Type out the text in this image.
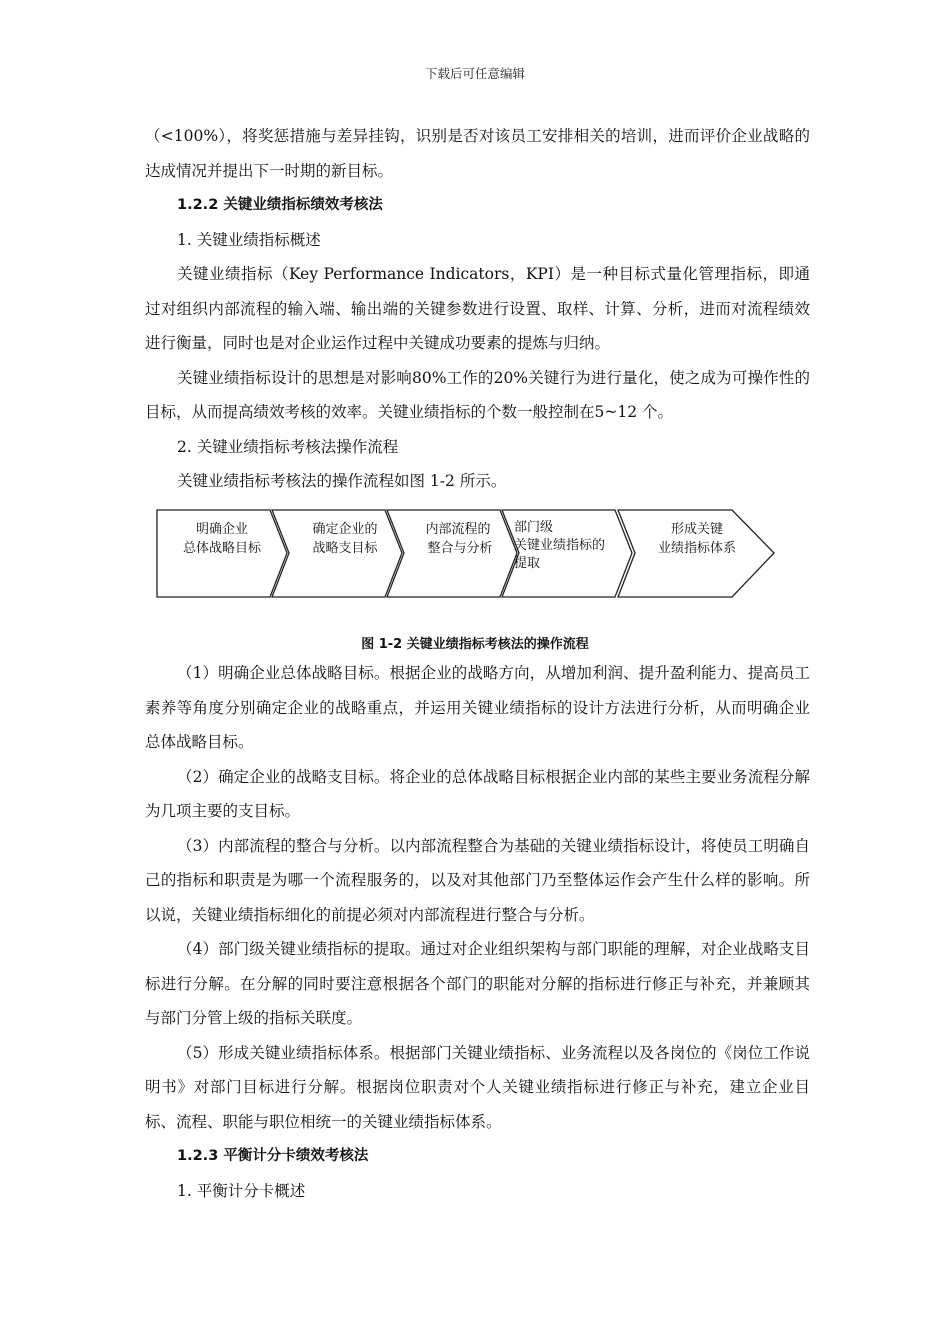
下载后可任意编辑

（<100%），将奖惩措施与差异挂钩，识别是否对该员工安排相关的培训，进而评价企业战略的达成情况并提出下一时期的新目标。

1.2.2 关键业绩指标绩效考核法

1. 关键业绩指标概述

关键业绩指标（Key Performance Indicators，KPI）是一种目标式量化管理指标，即通过对组织内部流程的输入端、输出端的关键参数进行设置、取样、计算、分析，进而对流程绩效进行衡量，同时也是对企业运作过程中关键成功要素的提炼与归纳。

关键业绩指标设计的思想是对影响80%工作的20%关键行为进行量化，使之成为可操作性的目标，从而提高绩效考核的效率。关键业绩指标的个数一般控制在5~12 个。

2. 关键业绩指标考核法操作流程

关键业绩指标考核法的操作流程如图 1-2 所示。

明确企业
总体战略目标
确定企业的
战略支目标
内部流程的
整合与分析
部门级
关键业绩指标的
提取
形成关键
业绩指标体系
图 1-2 关键业绩指标考核法的操作流程

（1）明确企业总体战略目标。根据企业的战略方向，从增加利润、提升盈利能力、提高员工素养等角度分别确定企业的战略重点，并运用关键业绩指标的设计方法进行分析，从而明确企业总体战略目标。

（2）确定企业的战略支目标。将企业的总体战略目标根据企业内部的某些主要业务流程分解为几项主要的支目标。

（3）内部流程的整合与分析。以内部流程整合为基础的关键业绩指标设计，将使员工明确自己的指标和职责是为哪一个流程服务的，以及对其他部门乃至整体运作会产生什么样的影响。所以说，关键业绩指标细化的前提必须对内部流程进行整合与分析。

（4）部门级关键业绩指标的提取。通过对企业组织架构与部门职能的理解，对企业战略支目标进行分解。在分解的同时要注意根据各个部门的职能对分解的指标进行修正与补充，并兼顾其与部门分管上级的指标关联度。

（5）形成关键业绩指标体系。根据部门关键业绩指标、业务流程以及各岗位的《岗位工作说明书》对部门目标进行分解。根据岗位职责对个人关键业绩指标进行修正与补充，建立企业目标、流程、职能与职位相统一的关键业绩指标体系。

1.2.3 平衡计分卡绩效考核法

1. 平衡计分卡概述
